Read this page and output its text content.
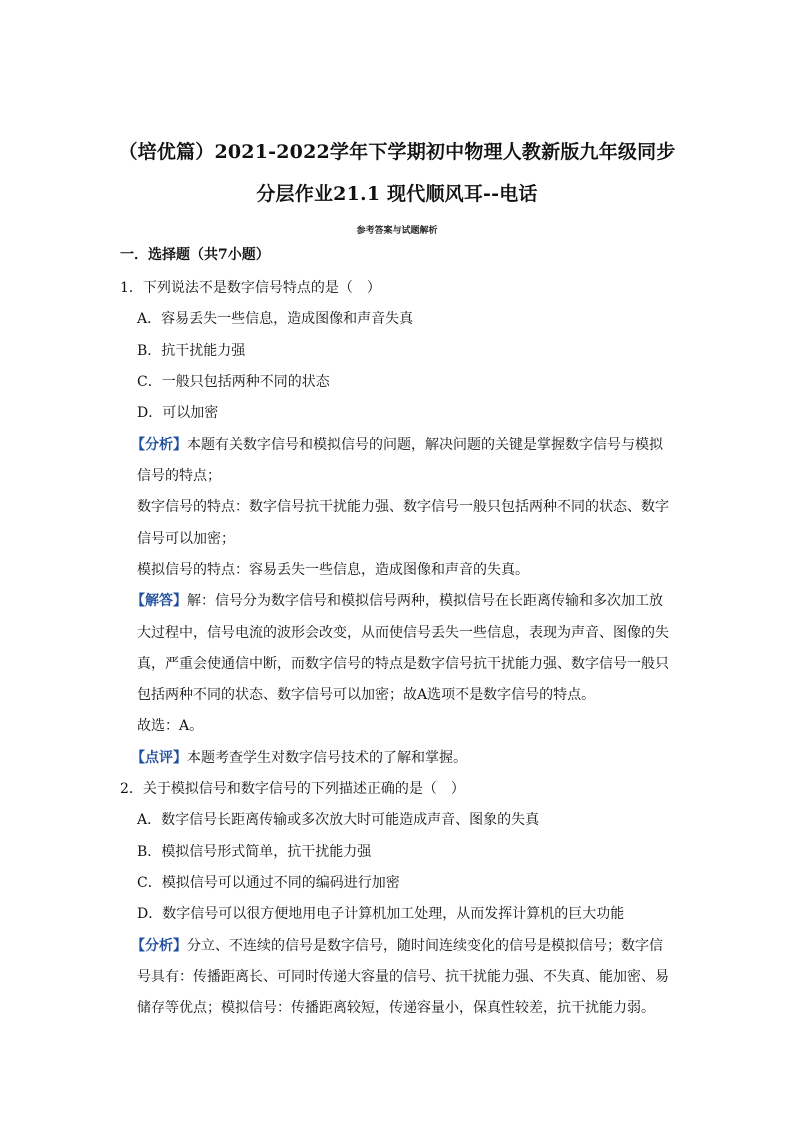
（培优篇）2021-2022学年下学期初中物理人教新版九年级同步
分层作业21.1 现代顺风耳--电话
参考答案与试题解析
一．选择题（共7小题）
1．下列说法不是数字信号特点的是（　）
A．容易丢失一些信息，造成图像和声音失真
B．抗干扰能力强
C．一般只包括两种不同的状态
D．可以加密
【分析】本题有关数字信号和模拟信号的问题，解决问题的关键是掌握数字信号与模拟
信号的特点；
数字信号的特点：数字信号抗干扰能力强、数字信号一般只包括两种不同的状态、数字
信号可以加密；
模拟信号的特点：容易丢失一些信息，造成图像和声音的失真。
【解答】解：信号分为数字信号和模拟信号两种，模拟信号在长距离传输和多次加工放
大过程中，信号电流的波形会改变，从而使信号丢失一些信息，表现为声音、图像的失
真，严重会使通信中断，而数字信号的特点是数字信号抗干扰能力强、数字信号一般只
包括两种不同的状态、数字信号可以加密；故A选项不是数字信号的特点。
故选：A。
【点评】本题考查学生对数字信号技术的了解和掌握。
2．关于模拟信号和数字信号的下列描述正确的是（　）
A．数字信号长距离传输或多次放大时可能造成声音、图象的失真
B．模拟信号形式简单，抗干扰能力强
C．模拟信号可以通过不同的编码进行加密
D．数字信号可以很方便地用电子计算机加工处理，从而发挥计算机的巨大功能
【分析】分立、不连续的信号是数字信号，随时间连续变化的信号是模拟信号；数字信
号具有：传播距离长、可同时传递大容量的信号、抗干扰能力强、不失真、能加密、易
储存等优点；模拟信号：传播距离较短，传递容量小，保真性较差，抗干扰能力弱。
